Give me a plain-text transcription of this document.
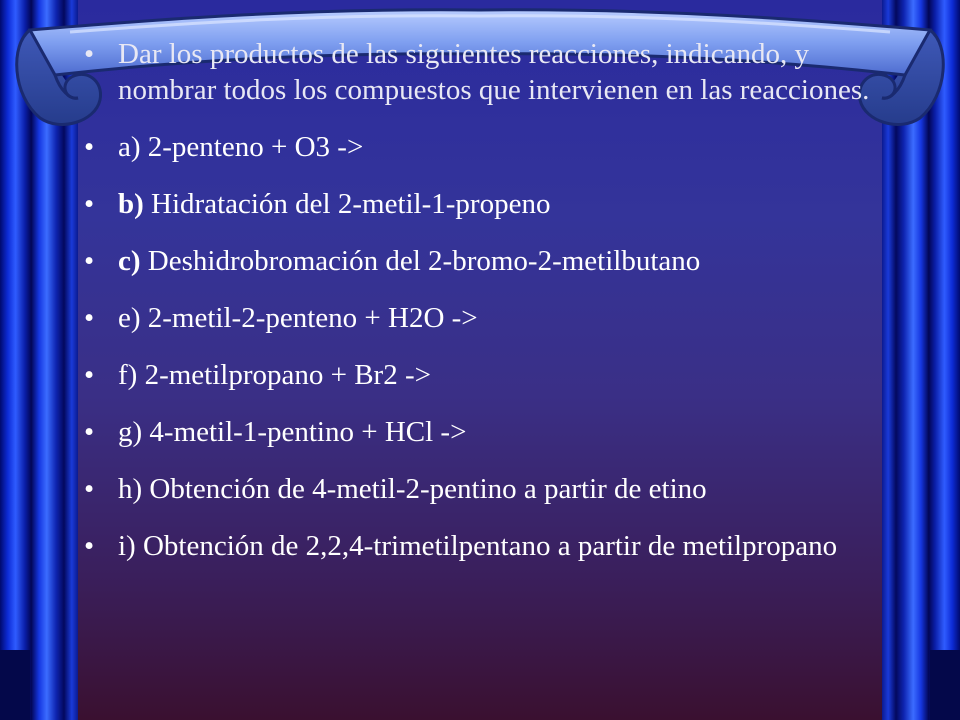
• Dar los productos de las siguientes reacciones, indicando, y nombrar todos los compuestos que intervienen en las reacciones.
• a) 2-penteno + O3 ->
• b) Hidratación del 2-metil-1-propeno
• c) Deshidrobromación del 2-bromo-2-metilbutano
• e) 2-metil-2-penteno + H2O ->
• f) 2-metilpropano + Br2 ->
• g) 4-metil-1-pentino + HCl ->
• h) Obtención de 4-metil-2-pentino a partir de etino
• i) Obtención de 2,2,4-trimetilpentano a partir de metilpropano
